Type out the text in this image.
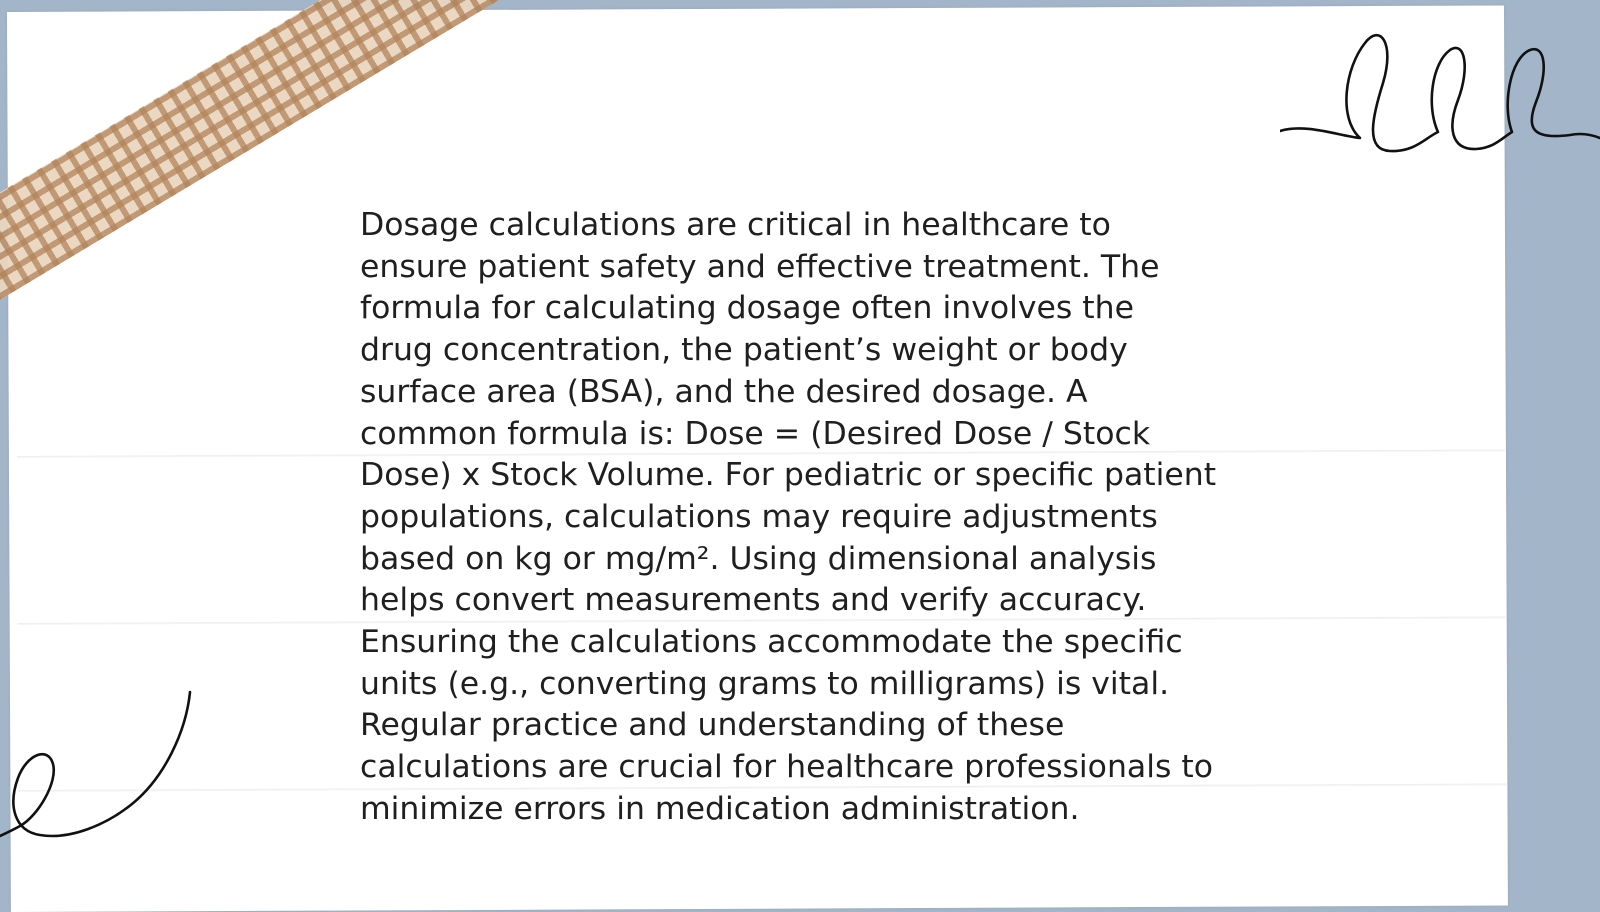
Dosage calculations are critical in healthcare to
ensure patient safety and effective treatment. The
formula for calculating dosage often involves the
drug concentration, the patient’s weight or body
surface area (BSA), and the desired dosage. A
common formula is: Dose = (Desired Dose / Stock
Dose) x Stock Volume. For pediatric or specific patient
populations, calculations may require adjustments
based on kg or mg/m². Using dimensional analysis
helps convert measurements and verify accuracy.
Ensuring the calculations accommodate the specific
units (e.g., converting grams to milligrams) is vital.
Regular practice and understanding of these
calculations are crucial for healthcare professionals to
minimize errors in medication administration.
